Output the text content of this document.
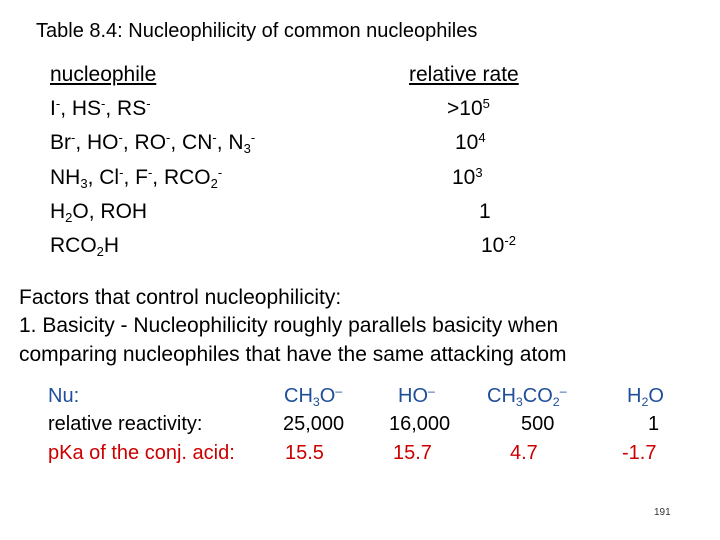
Table 8.4: Nucleophilicity of common nucleophiles
nucleophile	relative rate
I-, HS-, RS-
Br-, HO-, RO-, CN-, $N_3^-$
$NH_3$, Cl-, F-, $RCO_2^-$
$H_2O$, ROH
$RCO_2H$
$>10^5$
$10^4$
$10^3$
1
$10^{-2}$
Factors that control nucleophilicity:
1. Basicity - Nucleophilicity roughly parallels basicity when
comparing nucleophiles that have the same attacking atom
Nu:
relative reactivity:
pKa of the conj. acid:
$CH_3O^-$
25,000
15.5
HO–
16,000
15.7
$CH_3CO_2^-$
500
4.7
$H_2O$
1
-1.7
191
